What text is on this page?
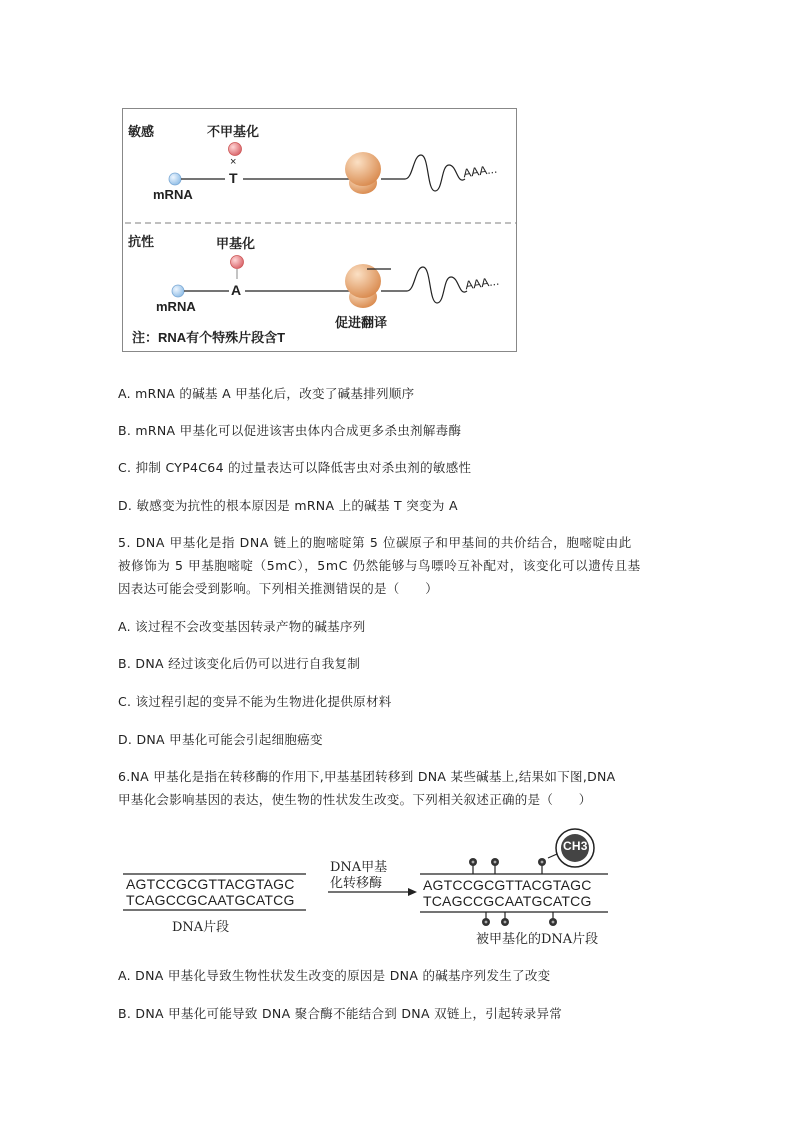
敏感	不甲基化
×
T
mRNA
AAA...
抗性	甲基化
A
mRNA
AAA...
促进翻译
注：RNA有个特殊片段含T
A. mRNA 的碱基 A 甲基化后，改变了碱基排列顺序
B. mRNA 甲基化可以促进该害虫体内合成更多杀虫剂解毒酶
C. 抑制 CYP4C64 的过量表达可以降低害虫对杀虫剂的敏感性
D. 敏感变为抗性的根本原因是 mRNA 上的碱基 T 突变为 A
5. DNA 甲基化是指 DNA 链上的胞嘧啶第 5 位碳原子和甲基间的共价结合，胞嘧啶由此
被修饰为 5 甲基胞嘧啶（5mC），5mC 仍然能够与鸟嘌呤互补配对，该变化可以遗传且基
因表达可能会受到影响。下列相关推测错误的是（　　）
A. 该过程不会改变基因转录产物的碱基序列
B. DNA 经过该变化后仍可以进行自我复制
C. 该过程引起的变异不能为生物进化提供原材料
D. DNA 甲基化可能会引起细胞癌变
6.NA 甲基化是指在转移酶的作用下,甲基基团转移到 DNA 某些碱基上,结果如下图,DNA
甲基化会影响基因的表达，使生物的性状发生改变。下列相关叙述正确的是（　　）
AGTCCGCGTTACGTAGC
TCAGCCGCAATGCATCG
DNA片段
DNA甲基
化转移酶	AGTCCGCGTTACGTAGC
TCAGCCGCAATGCATCG
被甲基化的DNA片段
CH3
A. DNA 甲基化导致生物性状发生改变的原因是 DNA 的碱基序列发生了改变
B. DNA 甲基化可能导致 DNA 聚合酶不能结合到 DNA 双链上，引起转录异常
